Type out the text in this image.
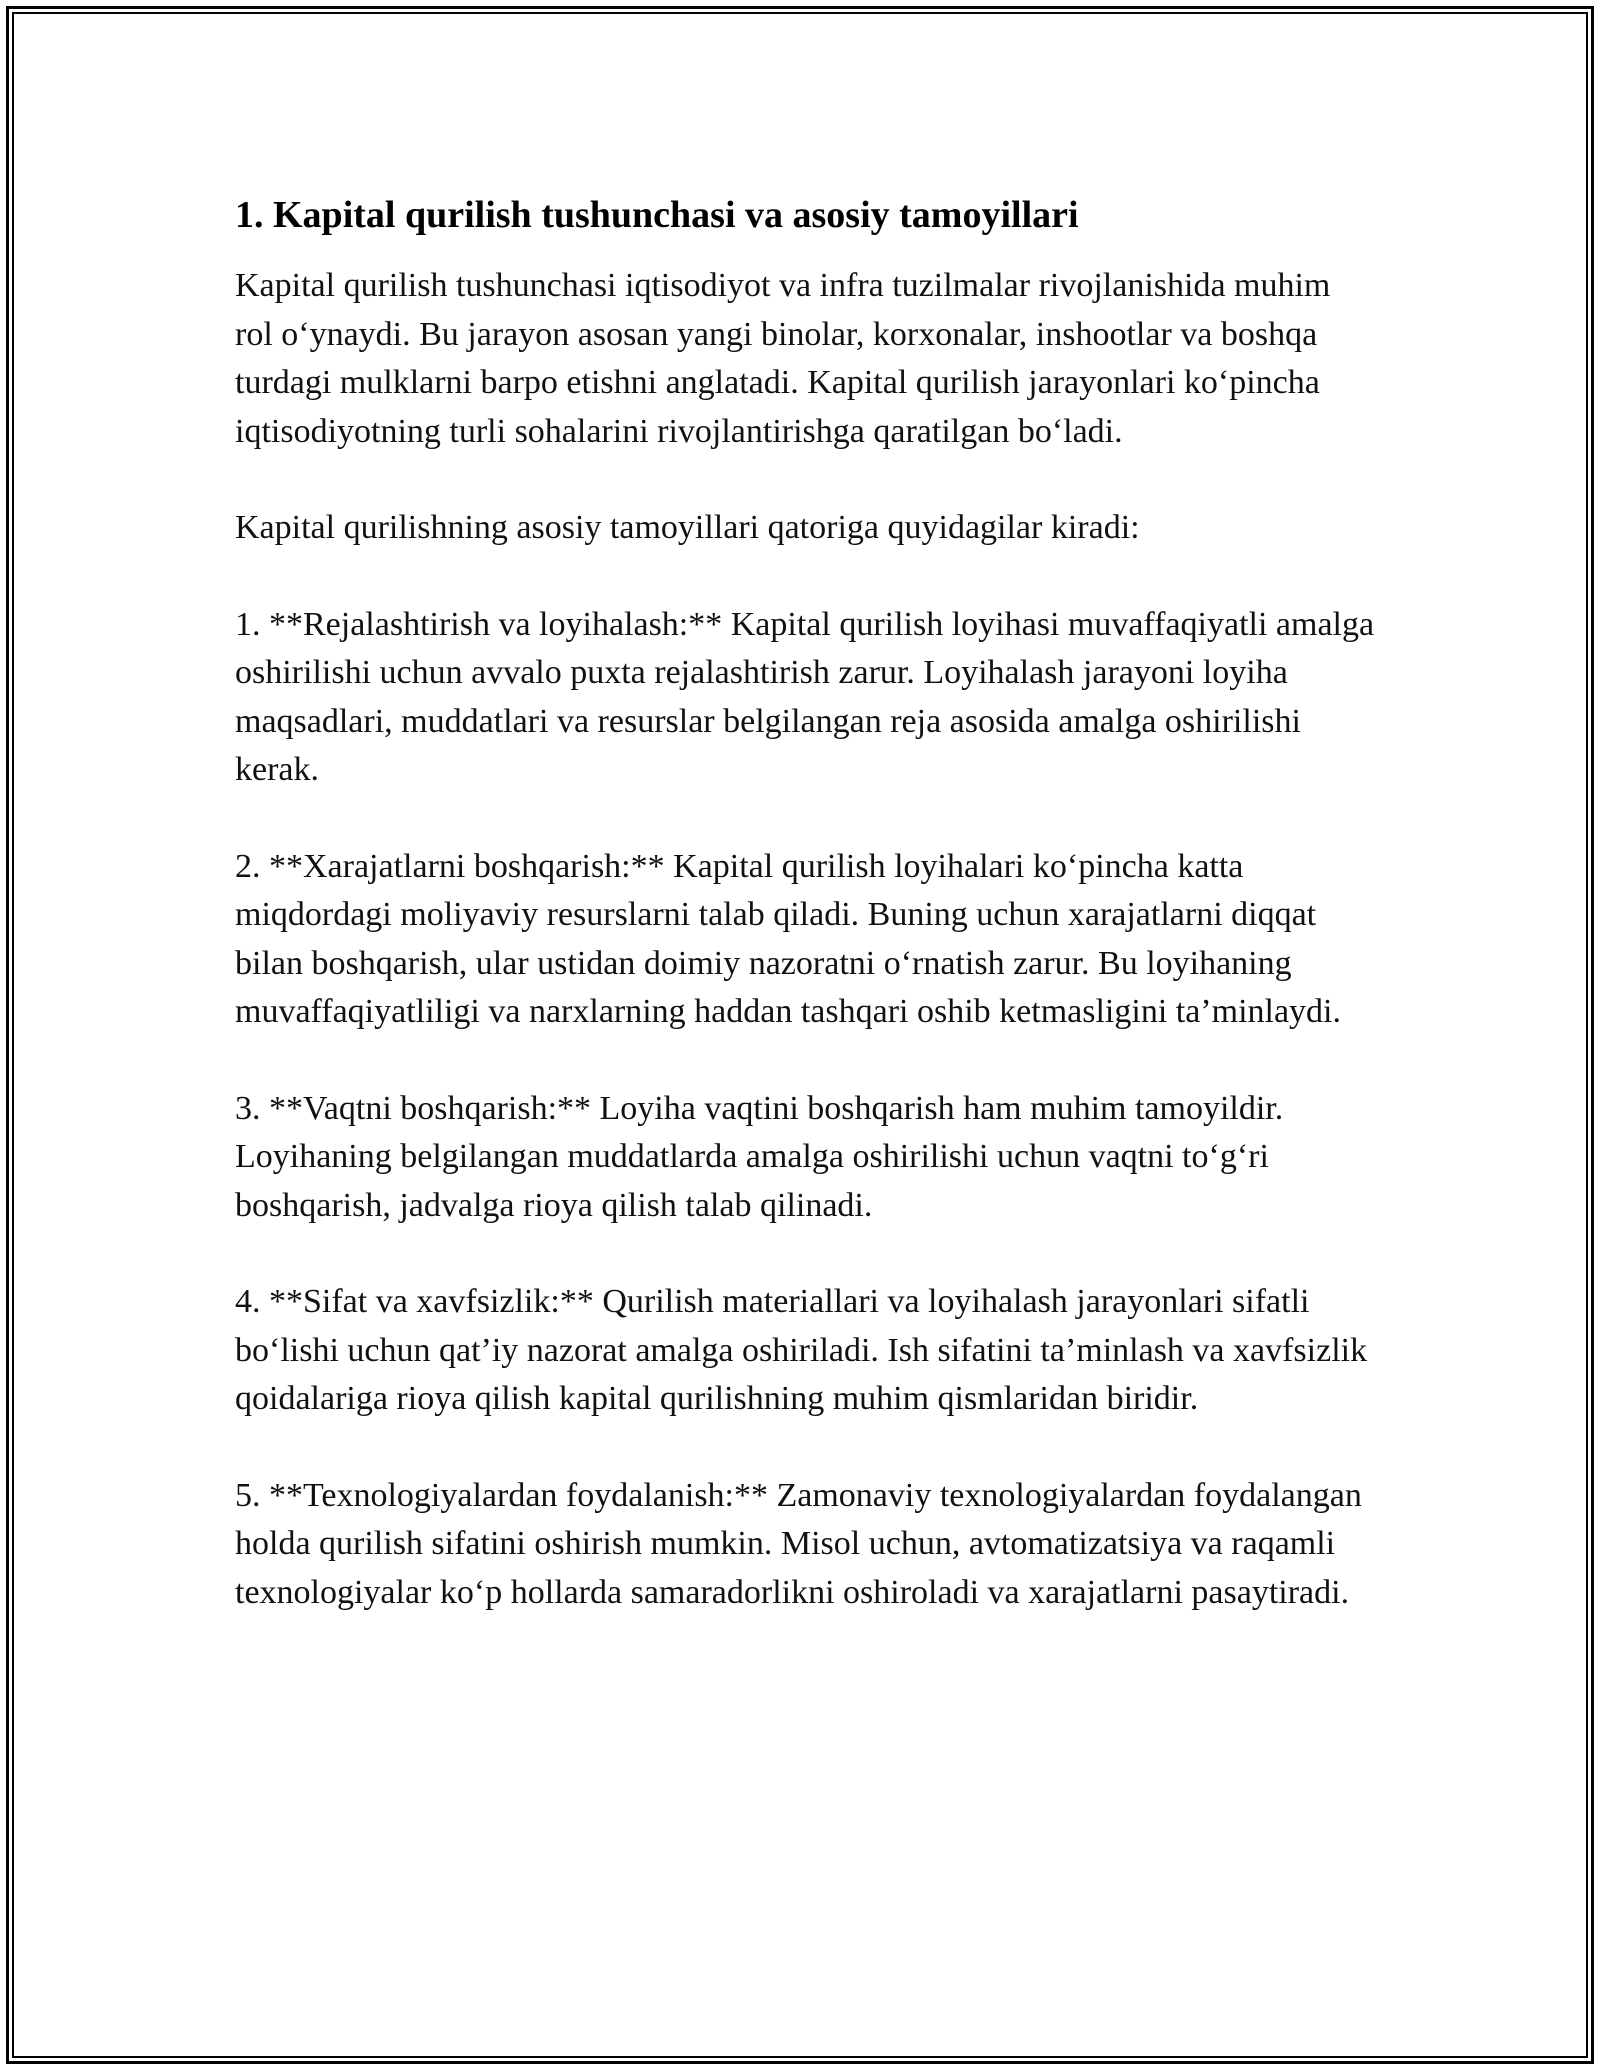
1. Kapital qurilish tushunchasi va asosiy tamoyillari

Kapital qurilish tushunchasi iqtisodiyot va infra tuzilmalar rivojlanishida muhim rol o‘ynaydi. Bu jarayon asosan yangi binolar, korxonalar, inshootlar va boshqa turdagi mulklarni barpo etishni anglatadi. Kapital qurilish jarayonlari ko‘pincha iqtisodiyotning turli sohalarini rivojlantirishga qaratilgan bo‘ladi.

Kapital qurilishning asosiy tamoyillari qatoriga quyidagilar kiradi:

1. **Rejalashtirish va loyihalash:** Kapital qurilish loyihasi muvaffaqiyatli amalga oshirilishi uchun avvalo puxta rejalashtirish zarur. Loyihalash jarayoni loyiha maqsadlari, muddatlari va resurslar belgilangan reja asosida amalga oshirilishi kerak.

2. **Xarajatlarni boshqarish:** Kapital qurilish loyihalari ko‘pincha katta miqdordagi moliyaviy resurslarni talab qiladi. Buning uchun xarajatlarni diqqat bilan boshqarish, ular ustidan doimiy nazoratni o‘rnatish zarur. Bu loyihaning muvaffaqiyatliligi va narxlarning haddan tashqari oshib ketmasligini ta’minlaydi.

3. **Vaqtni boshqarish:** Loyiha vaqtini boshqarish ham muhim tamoyildir. Loyihaning belgilangan muddatlarda amalga oshirilishi uchun vaqtni to‘g‘ri boshqarish, jadvalga rioya qilish talab qilinadi.

4. **Sifat va xavfsizlik:** Qurilish materiallari va loyihalash jarayonlari sifatli bo‘lishi uchun qat’iy nazorat amalga oshiriladi. Ish sifatini ta’minlash va xavfsizlik qoidalariga rioya qilish kapital qurilishning muhim qismlaridan biridir.

5. **Texnologiyalardan foydalanish:** Zamonaviy texnologiyalardan foydalangan holda qurilish sifatini oshirish mumkin. Misol uchun, avtomatizatsiya va raqamli texnologiyalar ko‘p hollarda samaradorlikni oshiroladi va xarajatlarni pasaytiradi.
